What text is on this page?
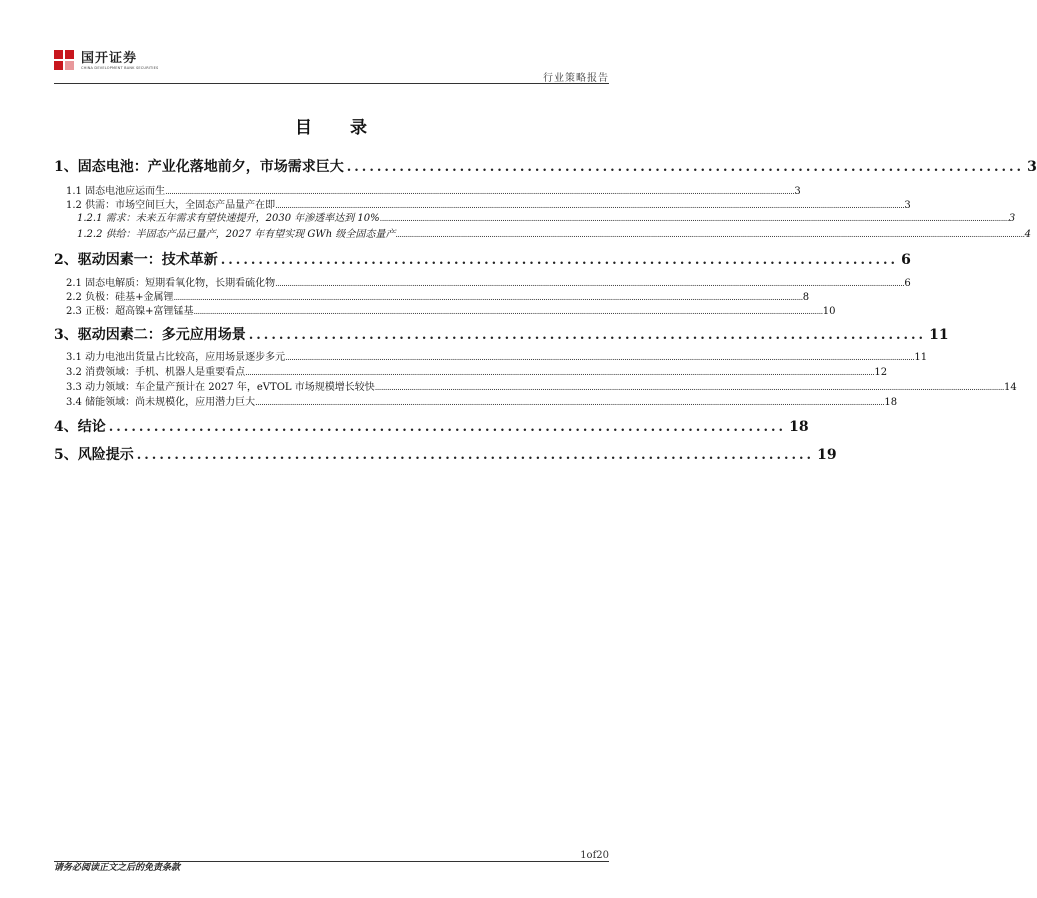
国开证券
CHINA DEVELOPMENT BANK SECURITIES
行业策略报告
目 录
1、固态电池：产业化落地前夕，市场需求巨大 .......................................................................................... 3
1.1 固态电池应运而生 .................................................................................................................................................................................................................................................................................................................... 3
1.2 供需：市场空间巨大，全固态产品量产在即 .................................................................................................................................................................................................................................................................................................................... 3
1.2.1 需求：未来五年需求有望快速提升，2030 年渗透率达到 10% .................................................................................................................................................................................................................................................................................................................... 3
1.2.2 供给：半固态产品已量产，2027 年有望实现 GWh 级全固态量产 .................................................................................................................................................................................................................................................................................................................... 4
2、驱动因素一：技术革新 .......................................................................................... 6
2.1 固态电解质：短期看氧化物，长期看硫化物 .................................................................................................................................................................................................................................................................................................................... 6
2.2 负极：硅基+金属锂 .................................................................................................................................................................................................................................................................................................................... 8
2.3 正极：超高镍+富锂锰基 .................................................................................................................................................................................................................................................................................................................... 10
3、驱动因素二：多元应用场景 .......................................................................................... 11
3.1 动力电池出货量占比较高，应用场景逐步多元 .................................................................................................................................................................................................................................................................................................................... 11
3.2 消费领域：手机、机器人是重要看点 .................................................................................................................................................................................................................................................................................................................... 12
3.3 动力领域：车企量产预计在 2027 年，eVTOL 市场规模增长较快 .................................................................................................................................................................................................................................................................................................................... 14
3.4 储能领域：尚未规模化，应用潜力巨大 .................................................................................................................................................................................................................................................................................................................... 18
4、结论 .......................................................................................... 18
5、风险提示 .......................................................................................... 19
1of20
请务必阅读正文之后的免责条款
